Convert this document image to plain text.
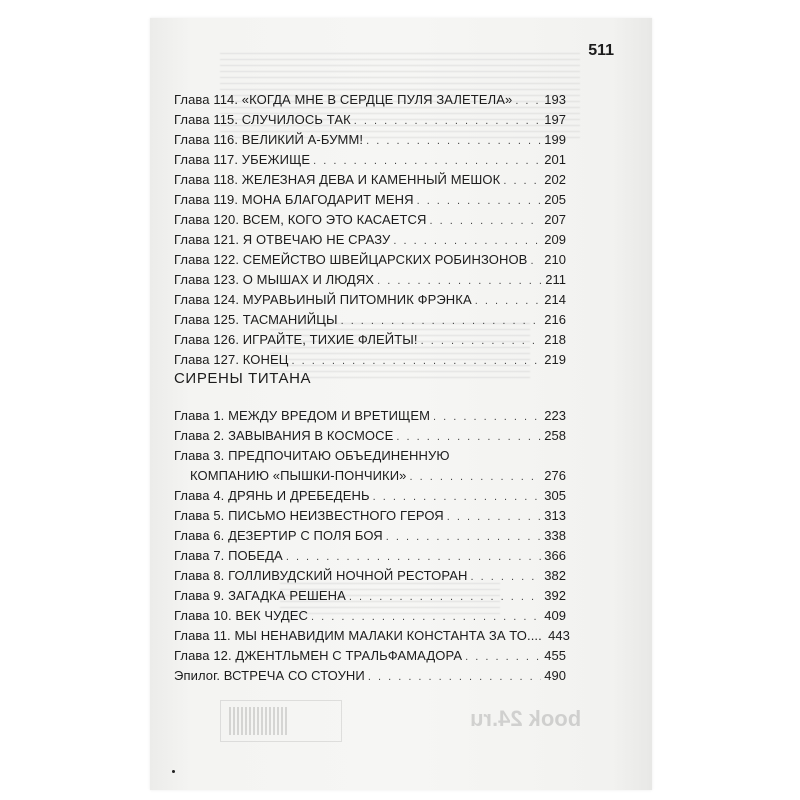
511
Глава 114. «КОГДА МНЕ В СЕРДЦЕ ПУЛЯ ЗАЛЕТЕЛА» . . . 193
Глава 115. СЛУЧИЛОСЬ ТАК . . .	197
Глава 116. ВЕЛИКИЙ А-БУММ! . . .	199
Глава 117. УБЕЖИЩЕ . . .	201
Глава 118. ЖЕЛЕЗНАЯ ДЕВА И КАМЕННЫЙ МЕШОК . . .	202
Глава 119. МОНА БЛАГОДАРИТ МЕНЯ . . .	205
Глава 120. ВСЕМ, КОГО ЭТО КАСАЕТСЯ . . .	207
Глава 121. Я ОТВЕЧАЮ НЕ СРАЗУ . . .	209
Глава 122. СЕМЕЙСТВО ШВЕЙЦАРСКИХ РОБИНЗОНОВ . . . 210
Глава 123. О МЫШАХ И ЛЮДЯХ . . .	211
Глава 124. МУРАВЬИНЫЙ ПИТОМНИК ФРЭНКА . . .	214
Глава 125. ТАСМАНИЙЦЫ . . .	216
Глава 126. ИГРАЙТЕ, ТИХИЕ ФЛЕЙТЫ! . . .	218
Глава 127. КОНЕЦ . . .	219
СИРЕНЫ ТИТАНА
Глава 1. МЕЖДУ ВРЕДОМ И ВРЕТИЩЕМ . . .	223
Глава 2. ЗАВЫВАНИЯ В КОСМОСЕ . . .	258
Глава 3. ПРЕДПОЧИТАЮ ОБЪЕДИНЕННУЮ
КОМПАНИЮ «ПЫШКИ-ПОНЧИКИ» . . .	276
Глава 4. ДРЯНЬ И ДРЕБЕДЕНЬ . . .	305
Глава 5. ПИСЬМО НЕИЗВЕСТНОГО ГЕРОЯ . . .	313
Глава 6. ДЕЗЕРТИР С ПОЛЯ БОЯ . . .	338
Глава 7. ПОБЕДА . . .	366
Глава 8. ГОЛЛИВУДСКИЙ НОЧНОЙ РЕСТОРАН . . .	382
Глава 9. ЗАГАДКА РЕШЕНА . . .	392
Глава 10. ВЕК ЧУДЕС . . .	409
Глава 11. МЫ НЕНАВИДИМ МАЛАКИ КОНСТАНТА ЗА ТО.... 443
Глава 12. ДЖЕНТЛЬМЕН С ТРАЛЬФАМАДОРА . . .	455
Эпилог. ВСТРЕЧА СО СТОУНИ . . .	490
book 24.ru
